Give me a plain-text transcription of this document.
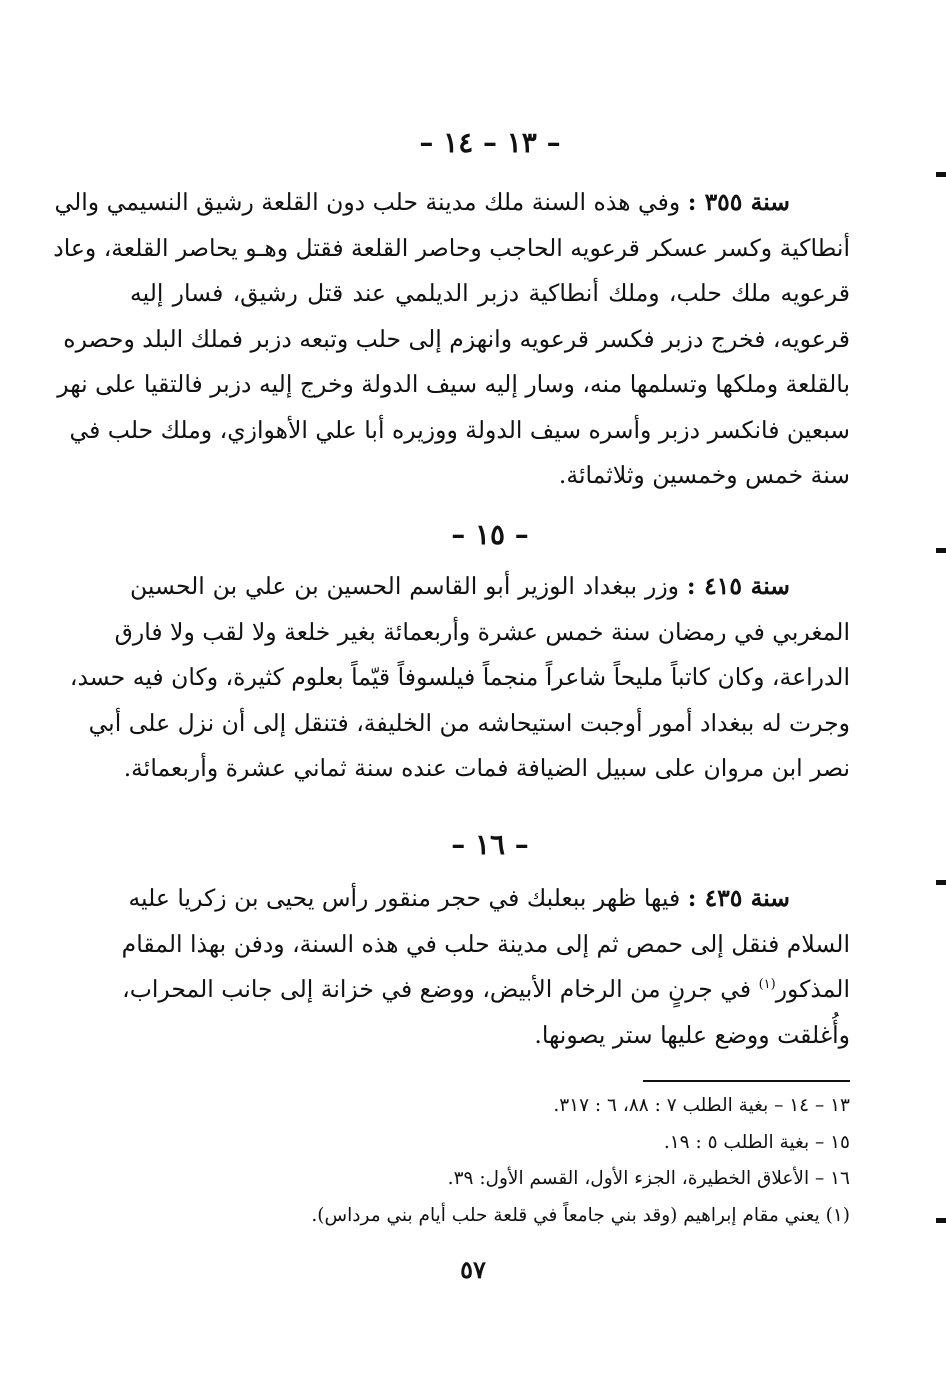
– ١٣ – ١٤ –
سنة ٣٥٥ : وفي هذه السنة ملك مدينة حلب دون القلعة رشيق النسيمي والي
أنطاكية وكسر عسكر قرعويه الحاجب وحاصر القلعة فقتل وهـو يحاصر القلعة، وعاد
قرعويه ملك حلب، وملك أنطاكية دزبر الديلمي عند قتل رشيق، فسار إليه
قرعويه، فخرج دزبر فكسر قرعويه وانهزم إلى حلب وتبعه دزبر فملك البلد وحصره
بالقلعة وملكها وتسلمها منه، وسار إليه سيف الدولة وخرج إليه دزبر فالتقيا على نهر
سبعين فانكسر دزبر وأسره سيف الدولة ووزيره أبا علي الأهوازي، وملك حلب في
سنة خمس وخمسين وثلاثمائة.
– ١٥ –
سنة ٤١٥ : وزر ببغداد الوزير أبو القاسم الحسين بن علي بن الحسين
المغربي في رمضان سنة خمس عشرة وأربعمائة بغير خلعة ولا لقب ولا فارق
الدراعة، وكان كاتباً مليحاً شاعراً منجماً فيلسوفاً قيّماً بعلوم كثيرة، وكان فيه حسد،
وجرت له ببغداد أمور أوجبت استيحاشه من الخليفة، فتنقل إلى أن نزل على أبي
نصر ابن مروان على سبيل الضيافة فمات عنده سنة ثماني عشرة وأربعمائة.
– ١٦ –
سنة ٤٣٥ : فيها ظهر ببعلبك في حجر منقور رأس يحيى بن زكريا عليه
السلام فنقل إلى حمص ثم إلى مدينة حلب في هذه السنة، ودفن بهذا المقام
المذكور$^{(١)}$ في جرنٍ من الرخام الأبيض، ووضع في خزانة إلى جانب المحراب،
وأُغلقت ووضع عليها ستر يصونها.
١٣ – ١٤ – بغية الطلب ٧ : ٨٨، ٦ : ٣١٧.
١٥ – بغية الطلب ٥ : ١٩.
١٦ – الأعلاق الخطيرة، الجزء الأول، القسم الأول: ٣٩.
(١) يعني مقام إبراهيم (وقد بني جامعاً في قلعة حلب أيام بني مرداس).
٥٧
